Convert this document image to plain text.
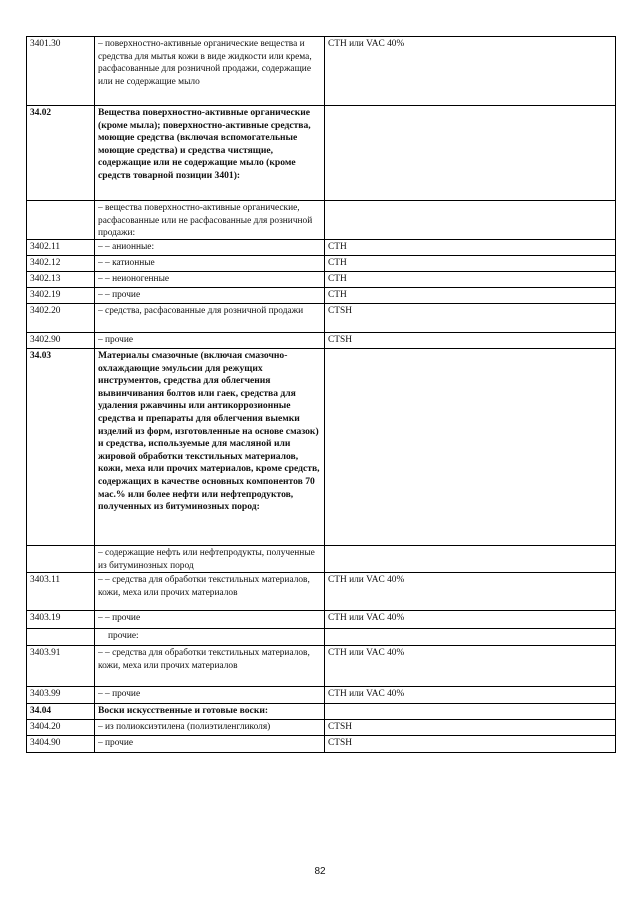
3401.30	– поверхностно-активные органические вещества и средства для мытья кожи в виде жидкости или крема, расфасованные для розничной продажи, содержащие или не содержащие мыло	СТН или VAC 40%
34.02	Вещества поверхностно-активные органические (кроме мыла); поверхностно-активные средства, моющие средства (включая вспомогательные моющие средства) и средства чистящие, содержащие или не содержащие мыло (кроме средств товарной позиции 3401):	

	– вещества поверхностно-активные органические, расфасованные или не расфасованные для розничной продажи:	

3402.11	– – анионные:	СТН
3402.12	– – катионные	СТН
3402.13	– – неионогенные	СТН
3402.19	– – прочие	СТН
3402.20	– средства, расфасованные для розничной продажи	CTSH
3402.90	– прочие	CTSH
34.03	Материалы смазочные (включая смазочно-охлаждающие эмульсии для режущих инструментов, средства для облегчения вывинчивания болтов или гаек, средства для удаления ржавчины или антикоррозионные средства и препараты для облегчения выемки изделий из форм, изготовленные на основе смазок) и средства, используемые для масляной или жировой обработки текстильных материалов, кожи, меха или прочих материалов, кроме средств, содержащих в качестве основных компонентов 70 мас.% или более нефти или нефтепродуктов, полученных из битуминозных пород:	

	– содержащие нефть или нефтепродукты, полученные из битуминозных пород	

3403.11	– – средства для обработки текстильных материалов, кожи, меха или прочих материалов	СТН или VAC 40%
3403.19	– – прочие	СТН или VAC 40%

	прочие:	

3403.91	– – средства для обработки текстильных материалов, кожи, меха или прочих материалов	СТН или VAC 40%
3403.99	– – прочие	СТН или VAC 40%
34.04	Воски искусственные и готовые воски:	

3404.20	– из полиоксиэтилена (полиэтиленгликоля)	CTSH
3404.90	– прочие	CTSH
82
